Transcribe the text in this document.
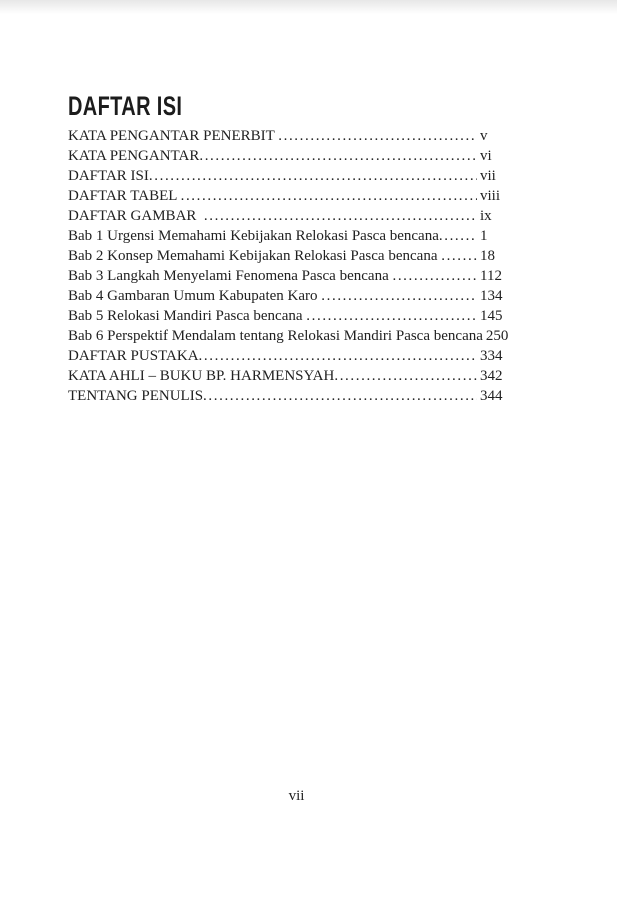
DAFTAR ISI
KATA PENGANTAR PENERBIT .....	v
KATA PENGANTAR .....	vi
DAFTAR ISI .....	vii
DAFTAR TABEL .....	viii
DAFTAR GAMBAR .....	ix
Bab 1 Urgensi Memahami Kebijakan Relokasi Pasca bencana .....	1
Bab 2 Konsep Memahami Kebijakan Relokasi Pasca bencana .....	18
Bab 3 Langkah Menyelami Fenomena Pasca bencana .....	112
Bab 4 Gambaran Umum Kabupaten Karo .....	134
Bab 5 Relokasi Mandiri Pasca bencana .....	145
Bab 6 Perspektif Mendalam tentang Relokasi Mandiri Pasca bencana 250
DAFTAR PUSTAKA .....	334
KATA AHLI – BUKU BP. HARMENSYAH .....	342
TENTANG PENULIS .....	344
vii
